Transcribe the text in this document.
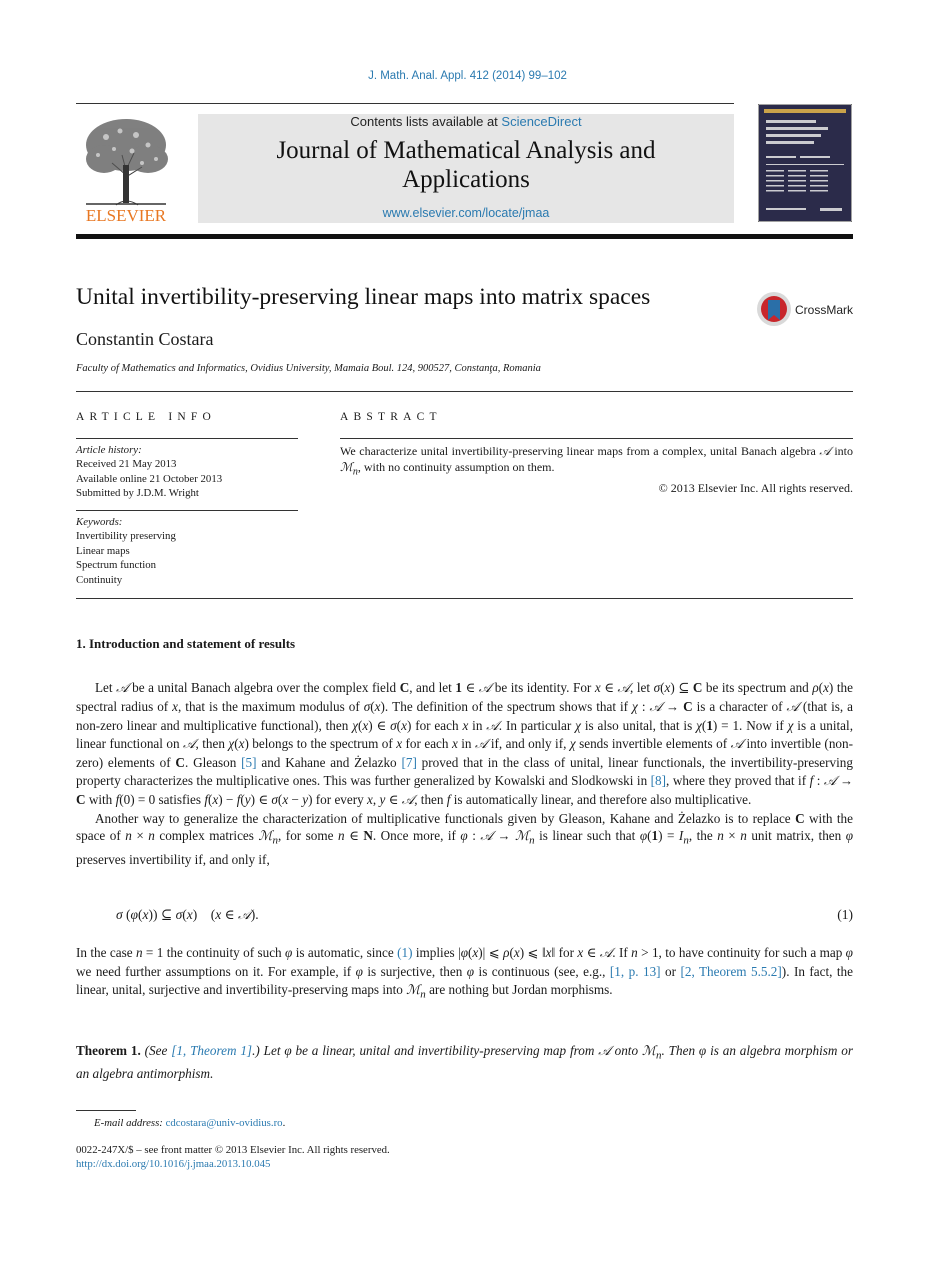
J. Math. Anal. Appl. 412 (2014) 99–102
ELSEVIER
Contents lists available at ScienceDirect
Journal of Mathematical Analysis and
Applications
www.elsevier.com/locate/jmaa
Unital invertibility-preserving linear maps into matrix spaces	CrossMark
Constantin Costara
Faculty of Mathematics and Informatics, Ovidius University, Mamaia Boul. 124, 900527, Constanţa, Romania
ARTICLE INFO
Article history:
Received 21 May 2013
Available online 21 October 2013
Submitted by J.D.M. Wright
Keywords:
Invertibility preserving
Linear maps
Spectrum function
Continuity
ABSTRACT
We characterize unital invertibility-preserving linear maps from a complex, unital Banach algebra 𝒜 into ℳ$_n$, with no continuity assumption on them.
© 2013 Elsevier Inc. All rights reserved.
1. Introduction and statement of results

Let 𝒜 be a unital Banach algebra over the complex field C, and let 1 ∈ 𝒜 be its identity. For x ∈ 𝒜, let σ(x) ⊆ C be its spectrum and ρ(x) the spectral radius of x, that is the maximum modulus of σ(x). The definition of the spectrum shows that if χ : 𝒜 → C is a character of 𝒜 (that is, a non-zero linear and multiplicative functional), then χ(x) ∈ σ(x) for each x in 𝒜. In particular χ is also unital, that is χ(1) = 1. Now if χ is a unital, linear functional on 𝒜, then χ(x) belongs to the spectrum of x for each x in 𝒜 if, and only if, χ sends invertible elements of 𝒜 into invertible (non-zero) elements of C. Gleason [5] and Kahane and Żelazko [7] proved that in the class of unital, linear functionals, the invertibility-preserving property characterizes the multiplicative ones. This was further generalized by Kowalski and Slodkowski in [8], where they proved that if f : 𝒜 → C with f(0) = 0 satisfies f(x) − f(y) ∈ σ(x − y) for every x, y ∈ 𝒜, then f is automatically linear, and therefore also multiplicative.

Another way to generalize the characterization of multiplicative functionals given by Gleason, Kahane and Żelazko is to replace C with the space of n × n complex matrices ℳ$_n$, for some n ∈ N. Once more, if φ : 𝒜 → ℳ$_n$ is linear such that $\varphi(1) = I_n$, the n × n unit matrix, then φ preserves invertibility if, and only if,

σ (φ(x)) ⊆ σ(x)    (x ∈ 𝒜).	(1)

In the case n = 1 the continuity of such φ is automatic, since (1) implies |φ(x)| ⩽ ρ(x) ⩽ ‖x‖ for x ∈ 𝒜. If n > 1, to have continuity for such a map φ we need further assumptions on it. For example, if φ is surjective, then φ is continuous (see, e.g., [1, p. 13] or [2, Theorem 5.5.2]). In fact, the linear, unital, surjective and invertibility-preserving maps into ℳ$_n$ are nothing but Jordan morphisms.

Theorem 1. (See [1, Theorem 1].) Let φ be a linear, unital and invertibility-preserving map from 𝒜 onto ℳ$_n$. Then φ is an algebra morphism or an algebra antimorphism.

E-mail address: cdcostara@univ-ovidius.ro.
0022-247X/$ – see front matter © 2013 Elsevier Inc. All rights reserved.
http://dx.doi.org/10.1016/j.jmaa.2013.10.045
